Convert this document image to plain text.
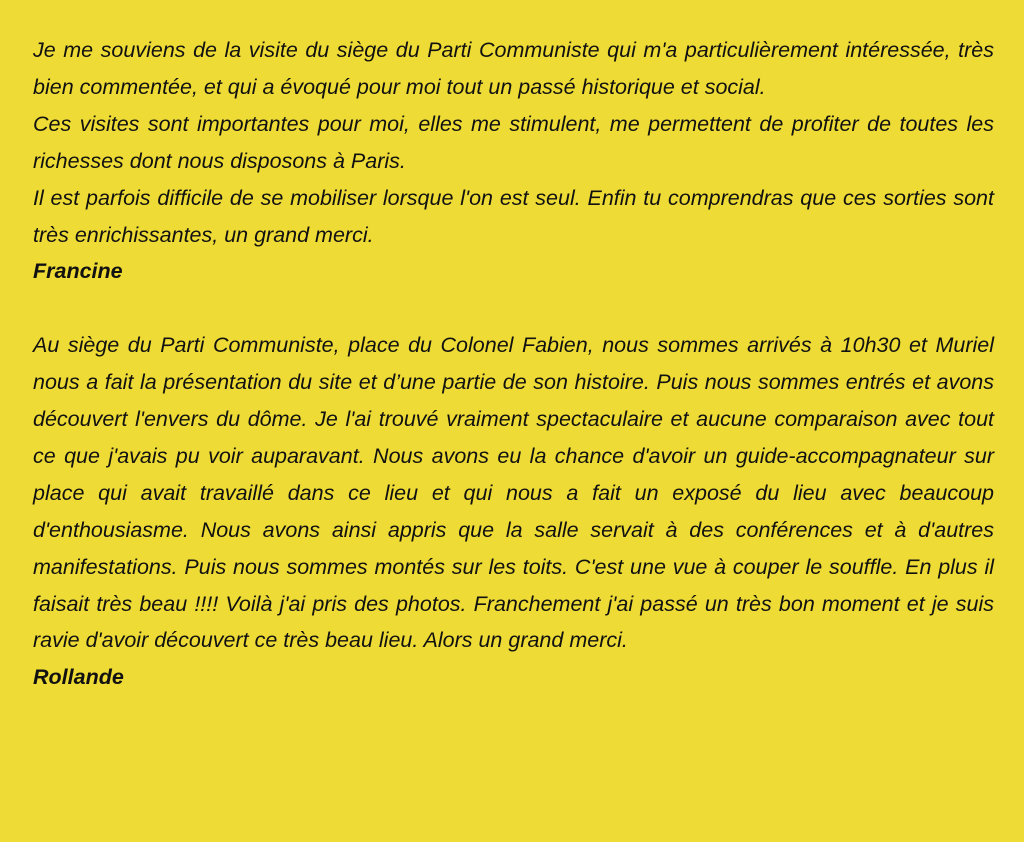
Je me souviens de la visite du siège du Parti Communiste qui m'a particulièrement intéressée, très bien commentée, et qui a évoqué pour moi tout un passé historique et social.

Ces visites sont importantes pour moi, elles me stimulent, me permettent de profiter de toutes les richesses dont nous disposons à Paris.

Il est parfois difficile de se mobiliser lorsque l'on est seul. Enfin tu comprendras que ces sorties sont très enrichissantes, un grand merci.

Francine

Au siège du Parti Communiste, place du Colonel Fabien, nous sommes arrivés à 10h30 et Muriel nous a fait la présentation du site et d’une partie de son histoire. Puis nous sommes entrés et avons découvert l'envers du dôme. Je l'ai trouvé vraiment spectaculaire et aucune comparaison avec tout ce que j'avais pu voir auparavant. Nous avons eu la chance d'avoir un guide-accompagnateur sur place qui avait travaillé dans ce lieu et qui nous a fait un exposé du lieu avec beaucoup d'enthousiasme. Nous avons ainsi appris que la salle servait à des conférences et à d'autres manifestations. Puis nous sommes montés sur les toits. C'est une vue à couper le souffle. En plus il faisait très beau !!!! Voilà j'ai pris des photos. Franchement j'ai passé un très bon moment et je suis ravie d'avoir découvert ce très beau lieu. Alors un grand merci.

Rollande
